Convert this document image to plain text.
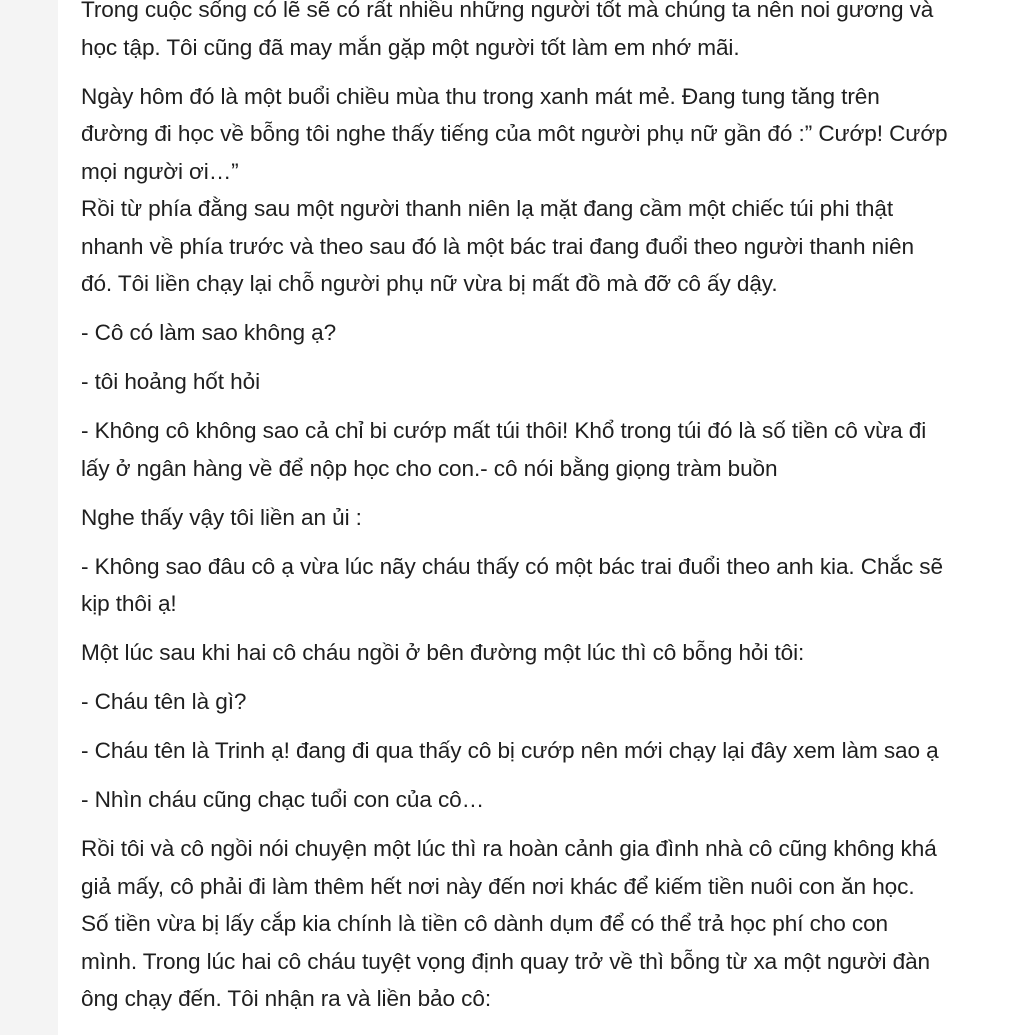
Trong cuộc sống có lẽ sẽ có rất nhiều những người tốt mà chúng ta nên noi gương và
học tập. Tôi cũng đã may mắn gặp một người tốt làm em nhớ mãi.

Ngày hôm đó là một buổi chiều mùa thu trong xanh mát mẻ. Đang tung tăng trên
đường đi học về bỗng tôi nghe thấy tiếng của môt người phụ nữ gần đó :” Cướp! Cướp
mọi người ơi…”

Rồi từ phía đằng sau một người thanh niên lạ mặt đang cầm một chiếc túi phi thật
nhanh về phía trước và theo sau đó là một bác trai đang đuổi theo người thanh niên
đó. Tôi liền chạy lại chỗ người phụ nữ vừa bị mất đồ mà đỡ cô ấy dậy.

- Cô có làm sao không ạ?

- tôi hoảng hốt hỏi

- Không cô không sao cả chỉ bi cướp mất túi thôi! Khổ trong túi đó là số tiền cô vừa đi
lấy ở ngân hàng về để nộp học cho con.- cô nói bằng giọng tràm buồn

Nghe thấy vậy tôi liền an ủi :

- Không sao đâu cô ạ vừa lúc nãy cháu thấy có một bác trai đuổi theo anh kia. Chắc sẽ
kịp thôi ạ!

Một lúc sau khi hai cô cháu ngồi ở bên đường một lúc thì cô bỗng hỏi tôi:

- Cháu tên là gì?

- Cháu tên là Trinh ạ! đang đi qua thấy cô bị cướp nên mới chạy lại đây xem làm sao ạ

- Nhìn cháu cũng chạc tuổi con của cô…

Rồi tôi và cô ngồi nói chuyện một lúc thì ra hoàn cảnh gia đình nhà cô cũng không khá
giả mấy, cô phải đi làm thêm hết nơi này đến nơi khác để kiếm tiền nuôi con ăn học.
Số tiền vừa bị lấy cắp kia chính là tiền cô dành dụm để có thể trả học phí cho con
mình. Trong lúc hai cô cháu tuyệt vọng định quay trở về thì bỗng từ xa một người đàn
ông chạy đến. Tôi nhận ra và liền bảo cô:
